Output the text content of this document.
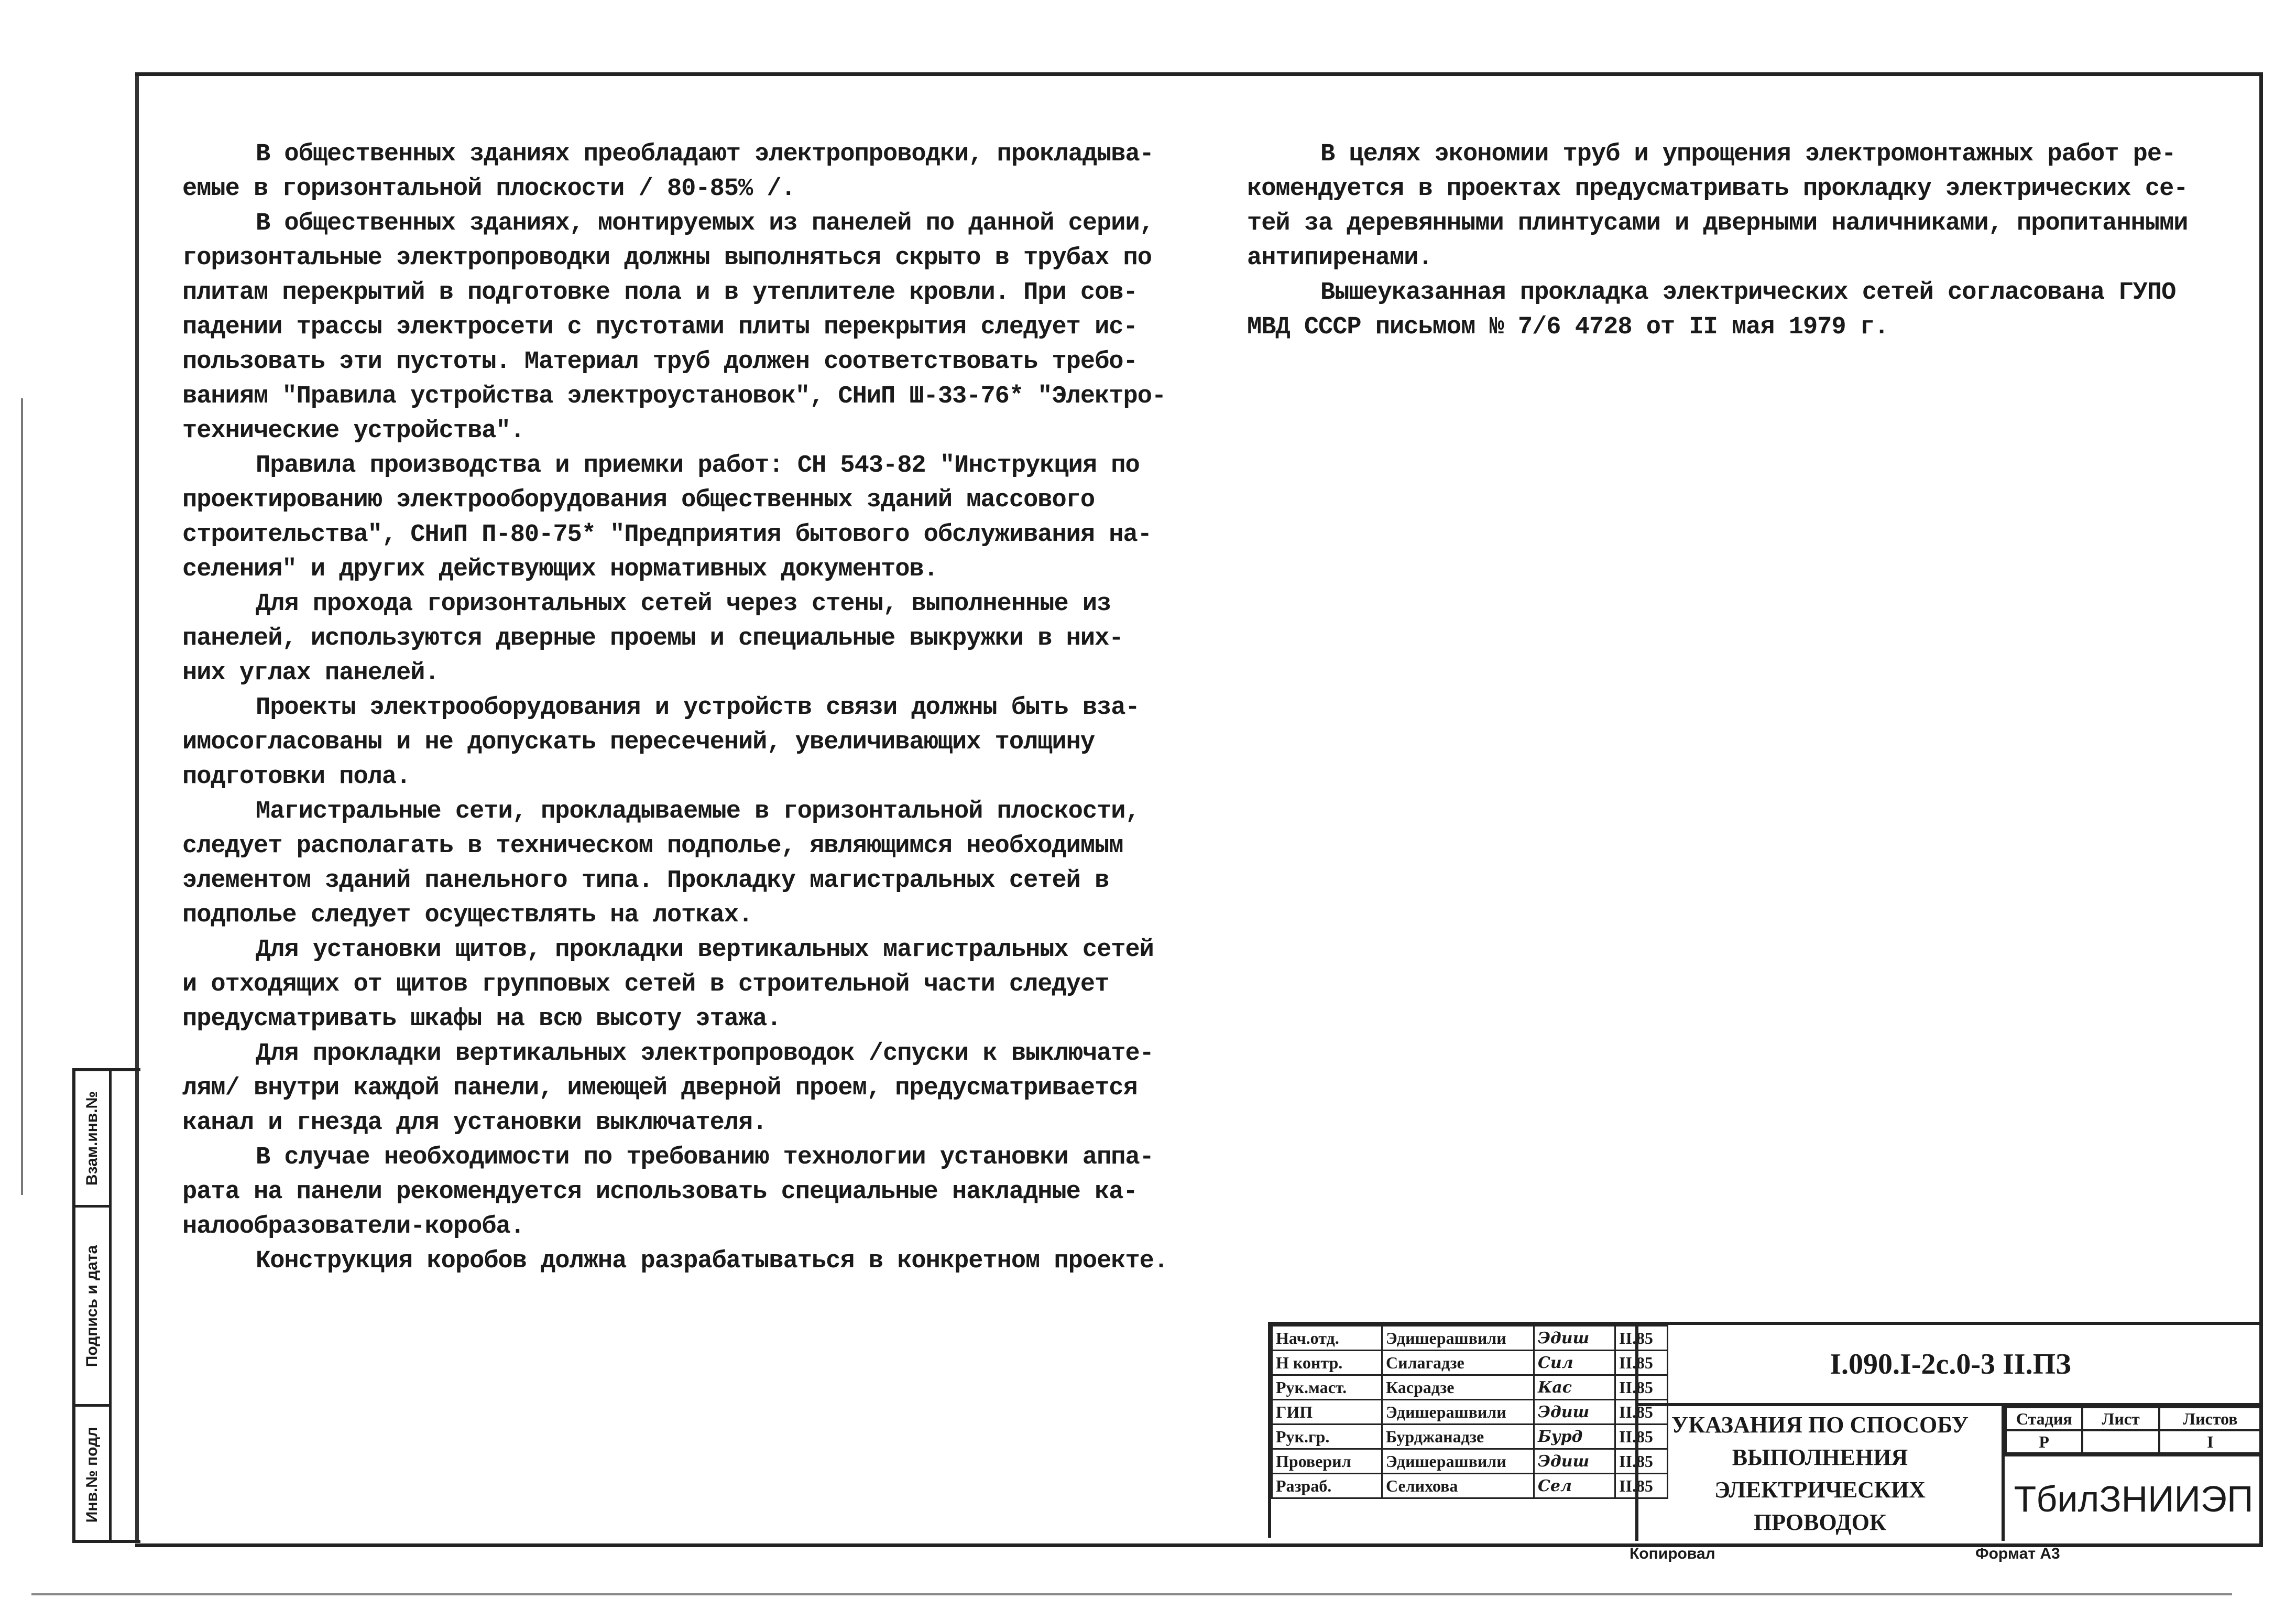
В общественных зданиях преобладают электропроводки, прокладыва-

емые в горизонтальной плоскости / 80-85% /.

В общественных зданиях, монтируемых из панелей по данной серии,

горизонтальные электропроводки должны выполняться скрыто в трубах по

плитам перекрытий в подготовке пола и в утеплителе кровли. При сов-

падении трассы электросети с пустотами плиты перекрытия следует ис-

пользовать эти пустоты. Материал труб должен соответствовать требо-

ваниям "Правила устройства электроустановок", СНиП Ш-33-76* "Электро-

технические устройства".

Правила производства и приемки работ: СН 543-82 "Инструкция по

проектированию электрооборудования общественных зданий массового

строительства", СНиП П-80-75* "Предприятия бытового обслуживания на-

селения" и других действующих нормативных документов.

Для прохода горизонтальных сетей через стены, выполненные из

панелей, используются дверные проемы и специальные выкружки в них-

них углах панелей.

Проекты электрооборудования и устройств связи должны быть вза-

имосогласованы и не допускать пересечений, увеличивающих толщину

подготовки пола.

Магистральные сети, прокладываемые в горизонтальной плоскости,

следует располагать в техническом подполье, являющимся необходимым

элементом зданий панельного типа. Прокладку магистральных сетей в

подполье следует осуществлять на лотках.

Для установки щитов, прокладки вертикальных магистральных сетей

и отходящих от щитов групповых сетей в строительной части следует

предусматривать шкафы на всю высоту этажа.

Для прокладки вертикальных электропроводок /спуски к выключате-

лям/ внутри каждой панели, имеющей дверной проем, предусматривается

канал и гнезда для установки выключателя.

В случае необходимости по требованию технологии установки аппа-

рата на панели рекомендуется использовать специальные накладные ка-

налообразователи-короба.

Конструкция коробов должна разрабатываться в конкретном проекте.

В целях экономии труб и упрощения электромонтажных работ ре-

комендуется в проектах предусматривать прокладку электрических се-

тей за деревянными плинтусами и дверными наличниками, пропитанными

антипиренами.

Вышеуказанная прокладка электрических сетей согласована ГУПО

МВД СССР письмом № 7/6 4728 от II мая 1979 г.

Взам.инв.№
Подпись и дата
Инв.№ подл
Нач.отд.	Эдишерашвили	Эдиш	II.85
Н контр.	Силагадзе	Сил	II.85
Рук.маст.	Касрадзе	Кас	II.85
ГИП	Эдишерашвили	Эдиш	II.85
Рук.гр.	Бурджанадзе	Бурд	II.85
Проверил	Эдишерашвили	Эдиш	II.85
Разраб.	Селихова	Сел	II.85
I.090.I-2с.0-3 II.ПЗ
УКАЗАНИЯ ПО СПОСОБУ
ВЫПОЛНЕНИЯ ЭЛЕКТРИЧЕСКИХ
ПРОВОДОК
Стадия	Лист	Листов
Р		I
ТбилЗНИИЭП
Копировал	Формат А3
